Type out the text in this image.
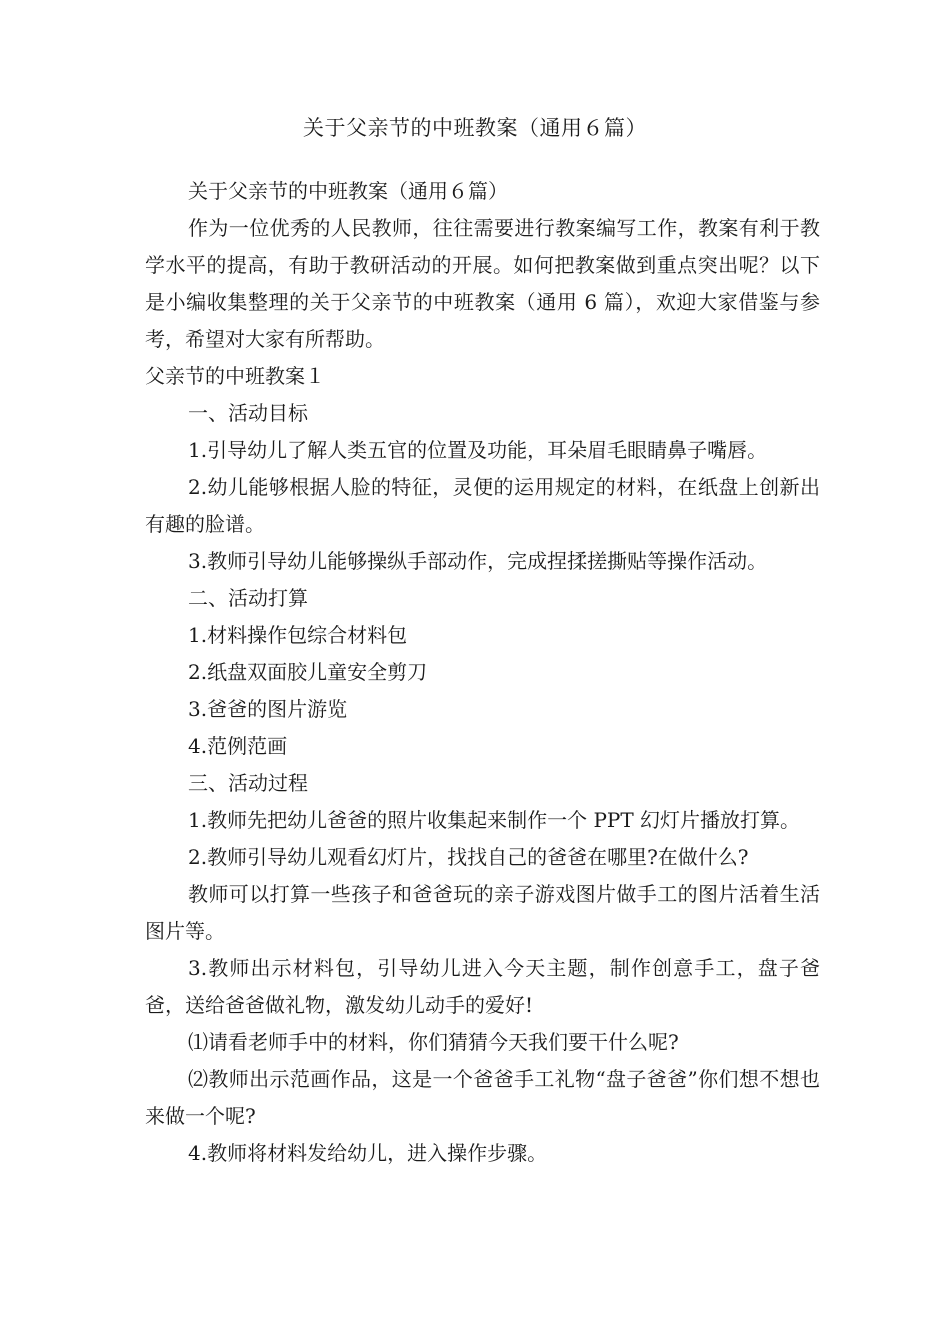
关于父亲节的中班教案（通用６篇）

关于父亲节的中班教案（通用６篇）

作为一位优秀的人民教师，往往需要进行教案编写工作，教案有利于教学水平的提高，有助于教研活动的开展。如何把教案做到重点突出呢？以下是小编收集整理的关于父亲节的中班教案（通用 6 篇），欢迎大家借鉴与参考，希望对大家有所帮助。

父亲节的中班教案１

一、活动目标

1.引导幼儿了解人类五官的位置及功能，耳朵眉毛眼睛鼻子嘴唇。

2.幼儿能够根据人脸的特征，灵便的运用规定的材料，在纸盘上创新出有趣的脸谱。

3.教师引导幼儿能够操纵手部动作，完成捏揉搓撕贴等操作活动。

二、活动打算

1.材料操作包综合材料包

2.纸盘双面胶儿童安全剪刀

3.爸爸的图片游览

4.范例范画

三、活动过程

1.教师先把幼儿爸爸的照片收集起来制作一个 PPT 幻灯片播放打算。

2.教师引导幼儿观看幻灯片，找找自己的爸爸在哪里?在做什么?

教师可以打算一些孩子和爸爸玩的亲子游戏图片做手工的图片活着生活图片等。

3.教师出示材料包，引导幼儿进入今天主题，制作创意手工，盘子爸爸，送给爸爸做礼物，激发幼儿动手的爱好!

⑴请看老师手中的材料，你们猜猜今天我们要干什么呢?

⑵教师出示范画作品，这是一个爸爸手工礼物“盘子爸爸”你们想不想也来做一个呢?

4.教师将材料发给幼儿，进入操作步骤。
